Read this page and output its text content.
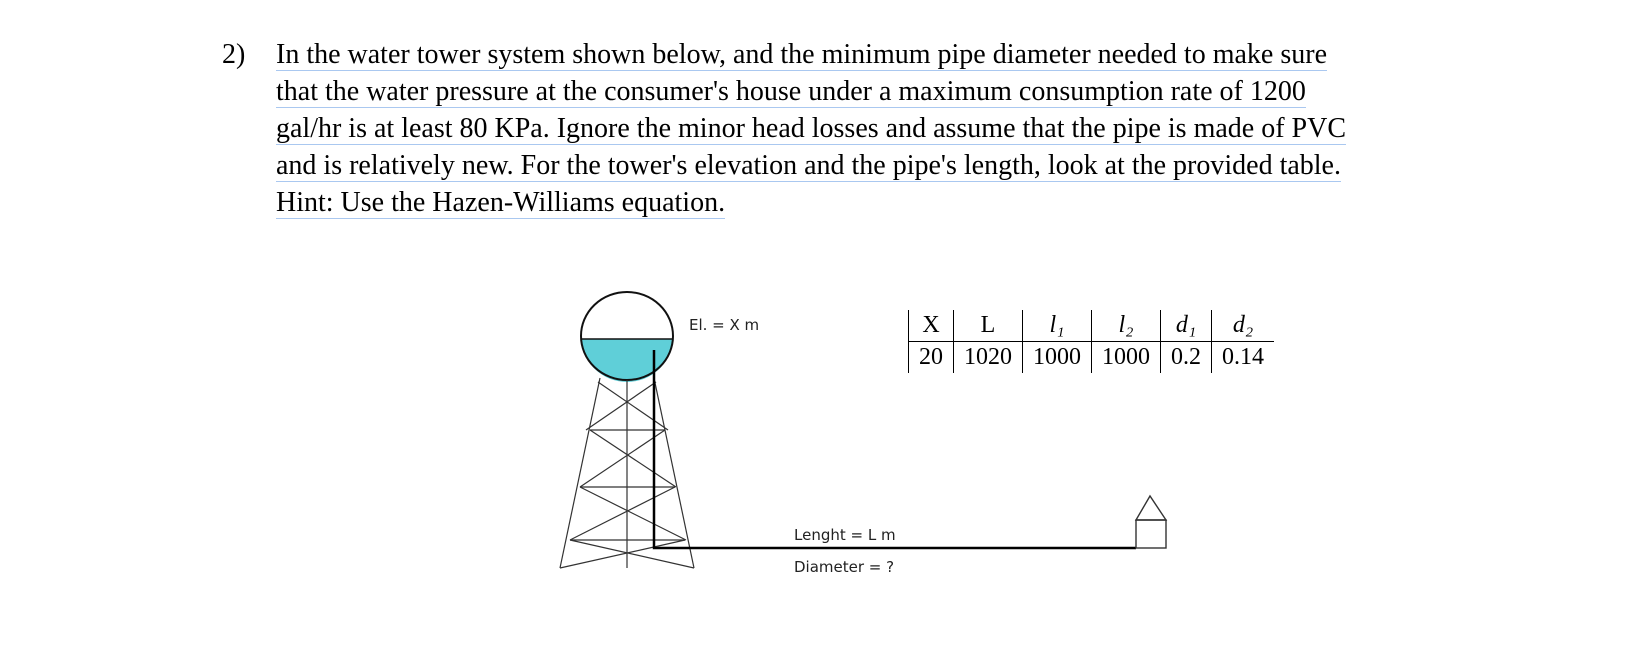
2) In the water tower system shown below, and the minimum pipe diameter needed to make sure
that the water pressure at the consumer's house under a maximum consumption rate of 1200
gal/hr is at least 80 KPa. Ignore the minor head losses and assume that the pipe is made of PVC
and is relatively new. For the tower's elevation and the pipe's length, look at the provided table.
Hint: Use the Hazen-Williams equation.
El. = X m
Lenght = L m
Diameter = ?
X	L	l₁	l₂	d₁	d₂
20	1020	1000	1000	0.2	0.14
